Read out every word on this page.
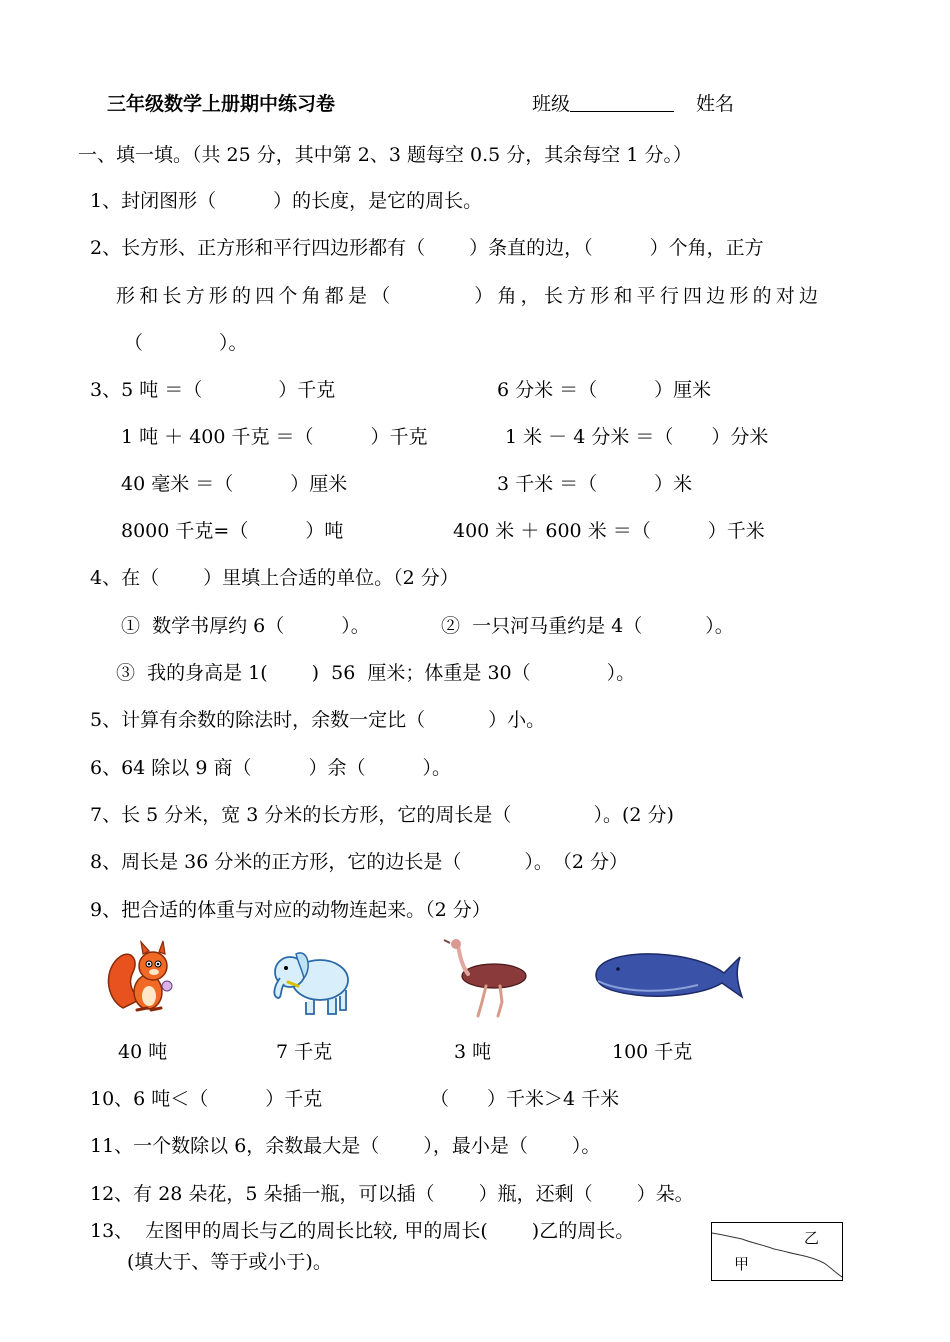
三年级数学上册期中练习卷	班级	姓名
一、填一填。（共 25 分，其中第 2、3 题每空 0.5 分，其余每空 1 分。）
1、封闭图形（　　　）的长度，是它的周长。
2、长方形、正方形和平行四边形都有（　　 ）条直的边，（　　　）个角，正方
形和长方形的四个角都是（　　　 ）角，长方形和平行四边形的对边
（　　　　）。
3、5 吨 ＝（　　　　）千克	6 分米 ＝（　　　）厘米
1 吨 ＋ 400 千克 ＝（　　　）千克	1 米 － 4 分米 ＝（　　）分米
40 毫米 ＝（　　　）厘米	3 千米 ＝（　　　）米
8000 千克=（　　　）吨	400 米 ＋ 600 米 ＝（　　　）千米
4、在（　　 ）里填上合适的单位。（2 分）
①  数学书厚约 6（　　　）。	②  一只河马重约是 4（　　　 ）。
③  我的身高是 1(　　 )  56  厘米；体重是 30（　　　　）。
5、计算有余数的除法时，余数一定比（　　　 ）小。
6、64 除以 9 商（　　　）余（　　　）。
7、长 5 分米，宽 3 分米的长方形，它的周长是（　　　　 ）。(2 分)
8、周长是 36 分米的正方形，它的边长是（　　　 ）。　（2 分）
9、把合适的体重与对应的动物连起来。（2 分）
40 吨	7 千克	3 吨	100 千克
10、6 吨＜（　　　）千克	（　　）千米＞4 千米
11、一个数除以 6，余数最大是（　　 ），最小是（　　 ）。
12、有 28 朵花，5 朵插一瓶，可以插（　　 ）瓶，还剩（　　 ）朵。
13、  左图甲的周长与乙的周长比较, 甲的周长(　　 )乙的周长。
(填大于、等于或小于)。	甲
乙
